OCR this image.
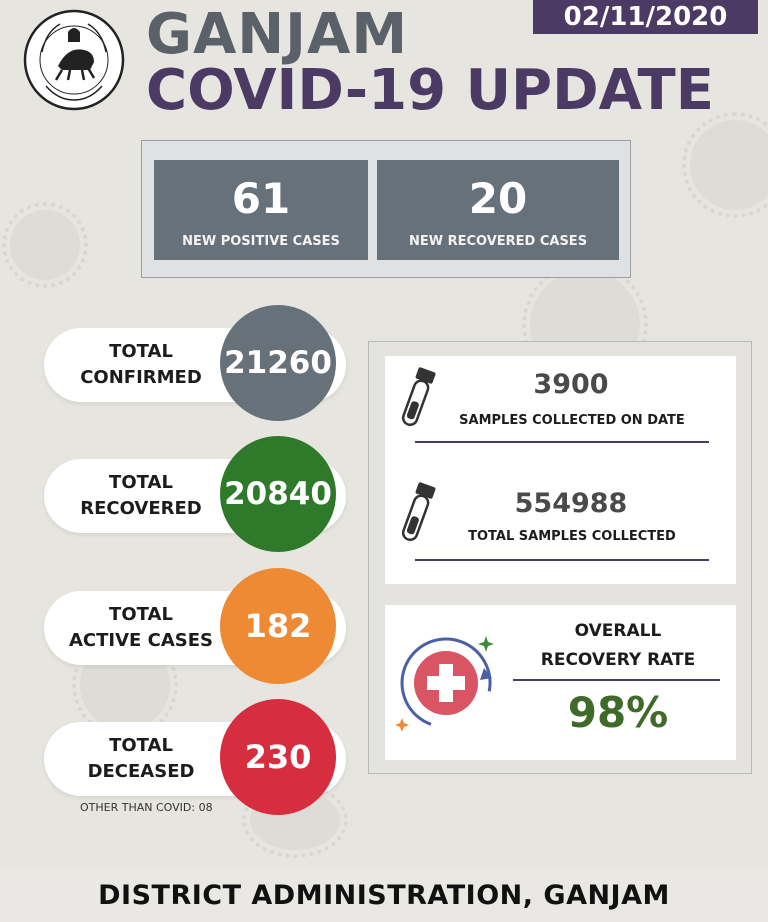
GANJAM
COVID-19 UPDATE
02/11/2020
61
NEW POSITIVE CASES
20
NEW RECOVERED CASES
TOTAL
CONFIRMED 21260
TOTAL
RECOVERED 20840
TOTAL
ACTIVE CASES 182
TOTAL
DECEASED	230
OTHER THAN COVID: 08
3900
SAMPLES COLLECTED ON DATE
554988
TOTAL SAMPLES COLLECTED
OVERALL
RECOVERY RATE
98%
DISTRICT ADMINISTRATION, GANJAM
